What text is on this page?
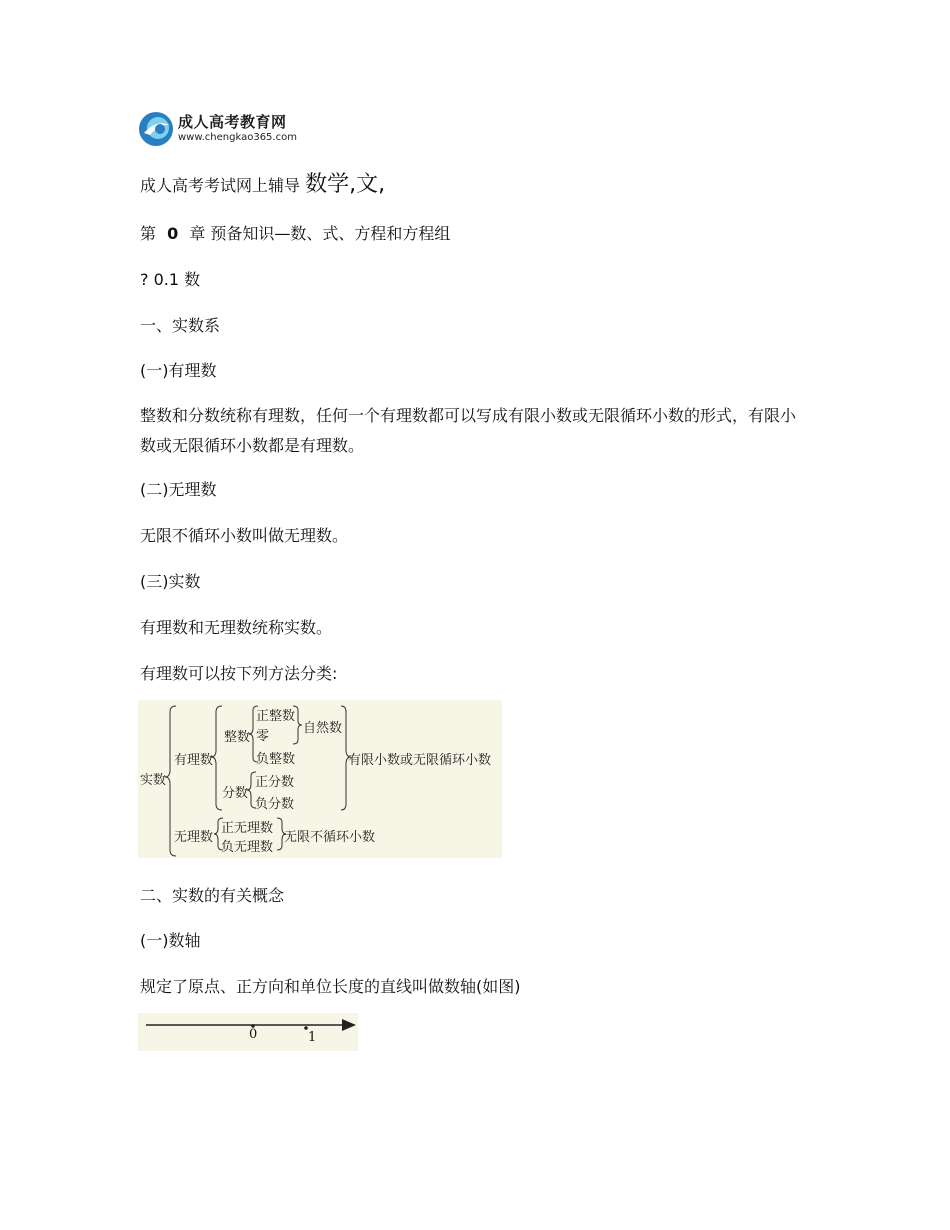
成人高考教育网
www.chengkao365.com
成人高考考试网上辅导 数学,文,
第 0 章 预备知识—数、式、方程和方程组
? 0.1 数
一、实数系
(一)有理数
整数和分数统称有理数，任何一个有理数都可以写成有限小数或无限循环小数的形式，有限小数或无限循环小数都是有理数。
(二)无理数
无限不循环小数叫做无理数。
(三)实数
有理数和无理数统称实数。
有理数可以按下列方法分类:
实数
有理数
整数
正整数
零
负整数
自然数
分数
正分数
负分数
有限小数或无限循环小数
无理数
正无理数
负无理数
无限不循环小数
二、实数的有关概念
(一)数轴
规定了原点、正方向和单位长度的直线叫做数轴(如图)
0	1
